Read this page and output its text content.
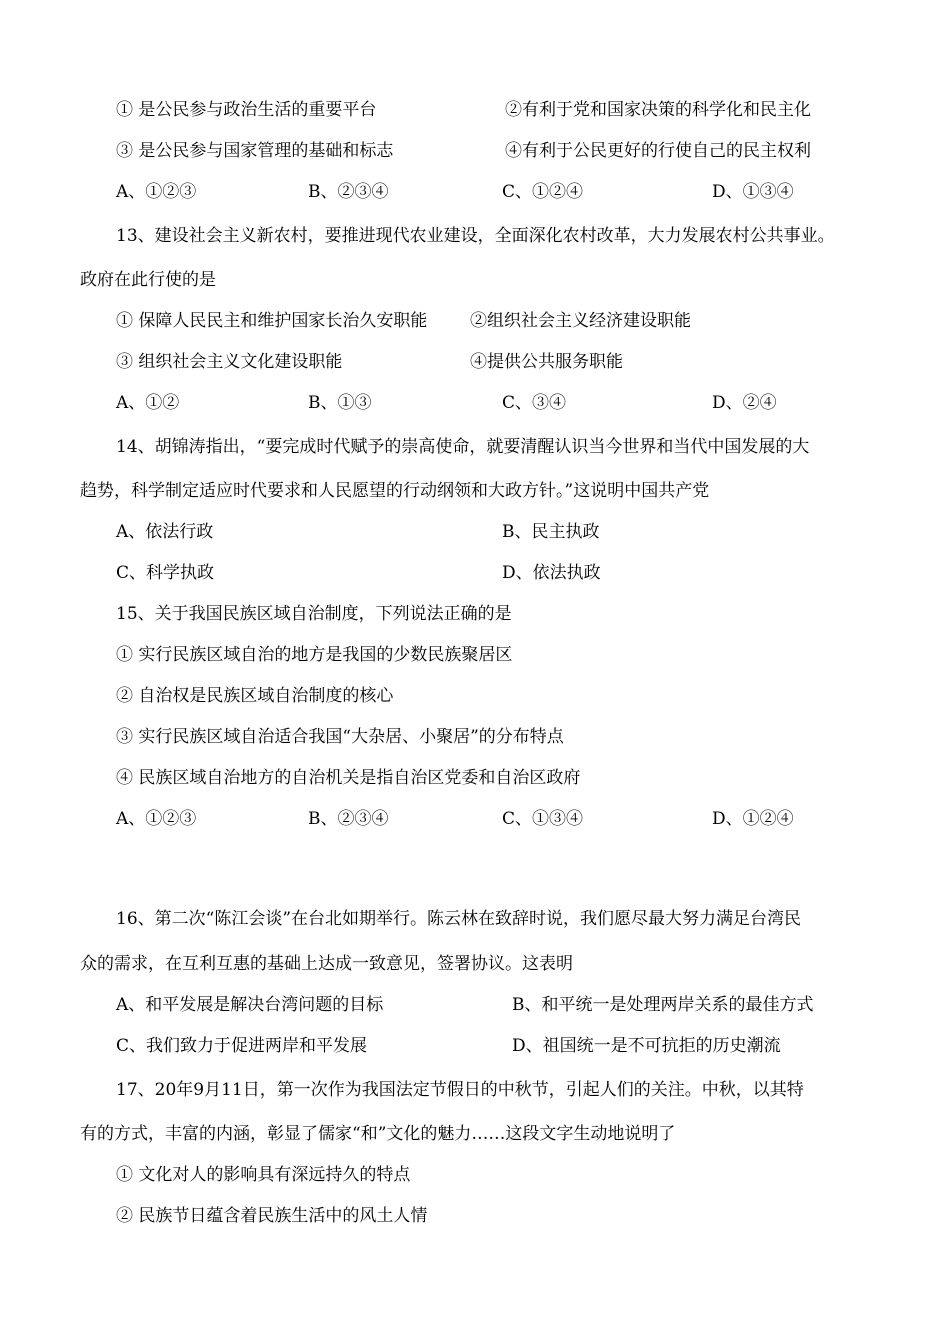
① 是公民参与政治生活的重要平台	②有利于党和国家决策的科学化和民主化
③ 是公民参与国家管理的基础和标志	④有利于公民更好的行使自己的民主权利
A、①②③	B、②③④	C、①②④	D、①③④
13、建设社会主义新农村，要推进现代农业建设，全面深化农村改革，大力发展农村公共事业。
政府在此行使的是
① 保障人民民主和维护国家长治久安职能	②组织社会主义经济建设职能
③ 组织社会主义文化建设职能	④提供公共服务职能
A、①②	B、①③	C、③④	D、②④
14、胡锦涛指出，“要完成时代赋予的崇高使命，就要清醒认识当今世界和当代中国发展的大
趋势，科学制定适应时代要求和人民愿望的行动纲领和大政方针。”这说明中国共产党
A、依法行政	B、民主执政
C、科学执政	D、依法执政
15、关于我国民族区域自治制度，下列说法正确的是
① 实行民族区域自治的地方是我国的少数民族聚居区
② 自治权是民族区域自治制度的核心
③ 实行民族区域自治适合我国“大杂居、小聚居”的分布特点
④ 民族区域自治地方的自治机关是指自治区党委和自治区政府
A、①②③	B、②③④	C、①③④	D、①②④
16、第二次“陈江会谈”在台北如期举行。陈云林在致辞时说，我们愿尽最大努力满足台湾民
众的需求，在互利互惠的基础上达成一致意见，签署协议。这表明
A、和平发展是解决台湾问题的目标	B、和平统一是处理两岸关系的最佳方式
C、我们致力于促进两岸和平发展	D、祖国统一是不可抗拒的历史潮流
17、20年9月11日，第一次作为我国法定节假日的中秋节，引起人们的关注。中秋，以其特
有的方式，丰富的内涵，彰显了儒家“和”文化的魅力……这段文字生动地说明了
① 文化对人的影响具有深远持久的特点
② 民族节日蕴含着民族生活中的风土人情
